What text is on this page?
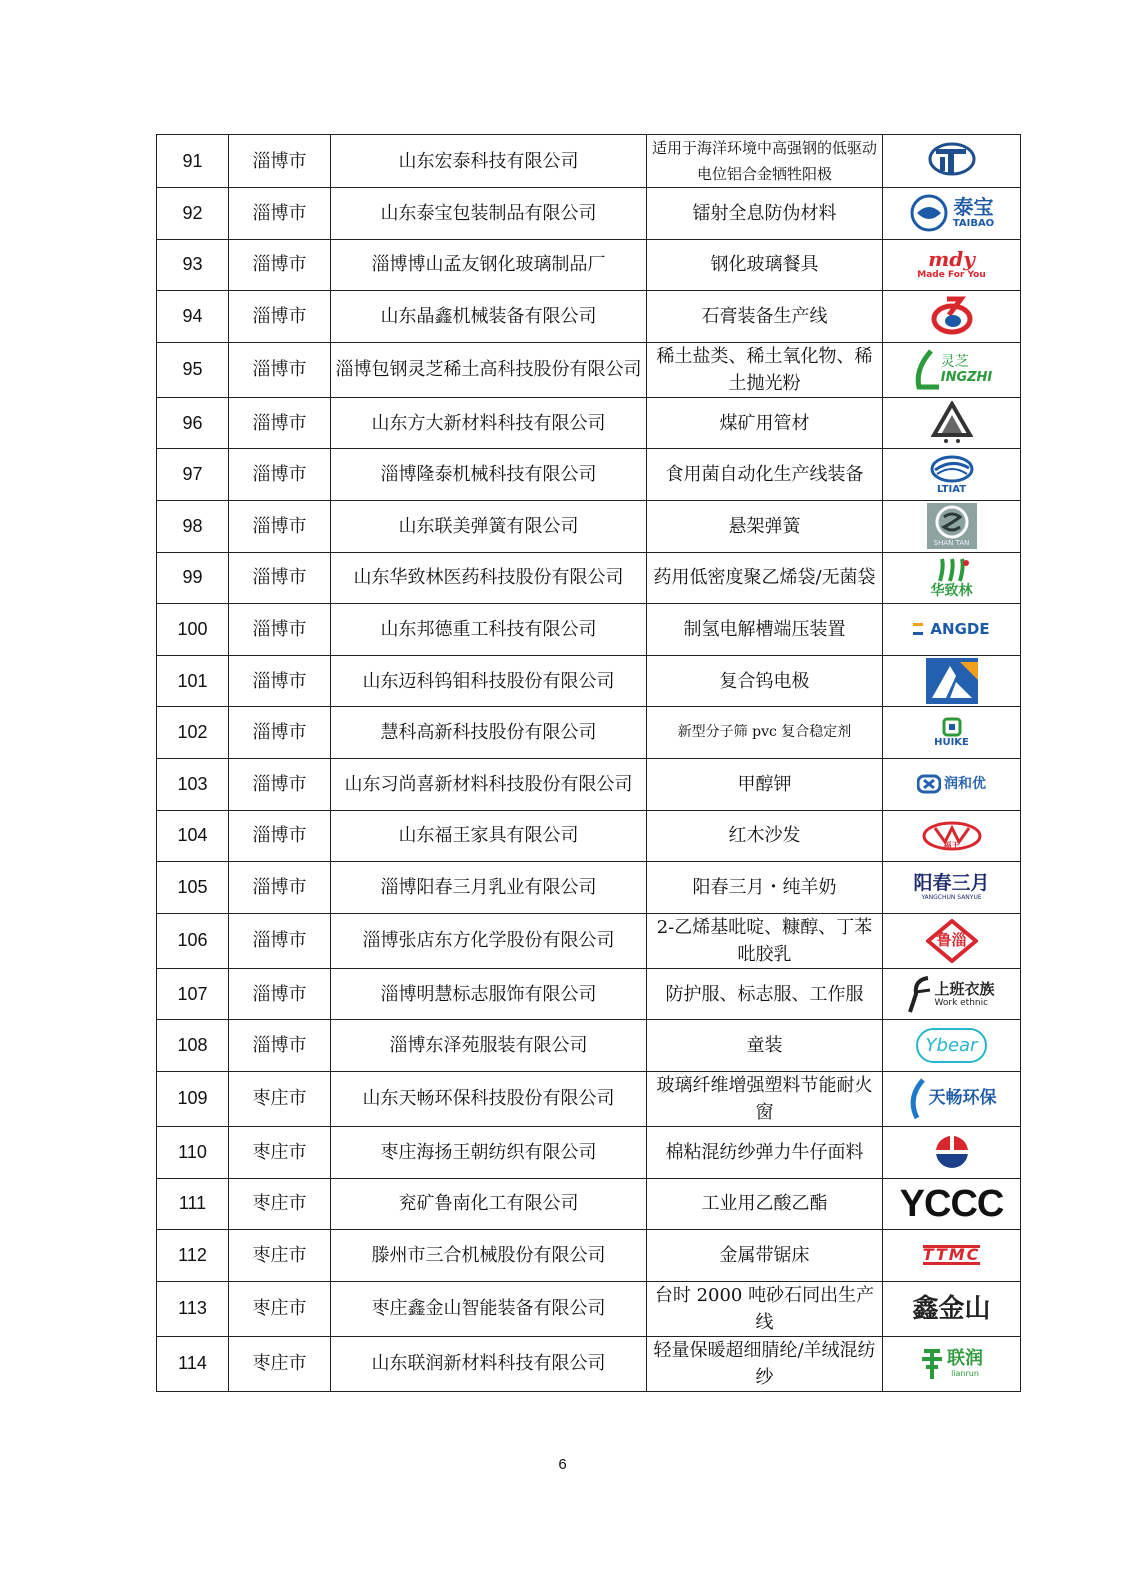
91	淄博市	山东宏泰科技有限公司	适用于海洋环境中高强钢的低驱动电位铝合金牺牲阳极	

92	淄博市	山东泰宝包装制品有限公司	镭射全息防伪材料	泰宝
TAIBAO

93	淄博市	淄博博山孟友钢化玻璃制品厂	钢化玻璃餐具	mdy
Made For You

94	淄博市	山东晶鑫机械装备有限公司	石膏装备生产线	

95	淄博市	淄博包钢灵芝稀土高科技股份有限公司	稀土盐类、稀土氧化物、稀土抛光粉	灵芝
INGZHI

96	淄博市	山东方大新材料科技有限公司	煤矿用管材	

97	淄博市	淄博隆泰机械科技有限公司	食用菌自动化生产线装备	LTIAT

98	淄博市	山东联美弹簧有限公司	悬架弹簧	SHAN TAN

99	淄博市	山东华致林医药科技股份有限公司	药用低密度聚乙烯袋/无菌袋	华致林

100	淄博市	山东邦德重工科技有限公司	制氢电解槽端压装置	ANGDE

101	淄博市	山东迈科钨钼科技股份有限公司	复合钨电极	

102	淄博市	慧科高新科技股份有限公司	新型分子筛 pvc 复合稳定剂	HUIKE

103	淄博市	山东习尚喜新材料科技股份有限公司	甲醇钾	润和优

104	淄博市	山东福王家具有限公司	红木沙发	福王

105	淄博市	淄博阳春三月乳业有限公司	阳春三月・纯羊奶	阳春三月
YANGCHUN SANYUE

106	淄博市	淄博张店东方化学股份有限公司	2-乙烯基吡啶、糠醇、丁苯吡胶乳	鲁淄

107	淄博市	淄博明慧标志服饰有限公司	防护服、标志服、工作服	上班衣族
Work ethnic

108	淄博市	淄博东泽苑服装有限公司	童装	Ybear

109	枣庄市	山东天畅环保科技股份有限公司	玻璃纤维增强塑料节能耐火窗	天畅环保

110	枣庄市	枣庄海扬王朝纺织有限公司	棉粘混纺纱弹力牛仔面料	

111	枣庄市	兖矿鲁南化工有限公司	工业用乙酸乙酯	YCCC

112	枣庄市	滕州市三合机械股份有限公司	金属带锯床	TTMC

113	枣庄市	枣庄鑫金山智能装备有限公司	台时 2000 吨砂石同出生产线	鑫金山

114	枣庄市	山东联润新材料科技有限公司	轻量保暖超细腈纶/羊绒混纺纱	联润
lianrun
6
